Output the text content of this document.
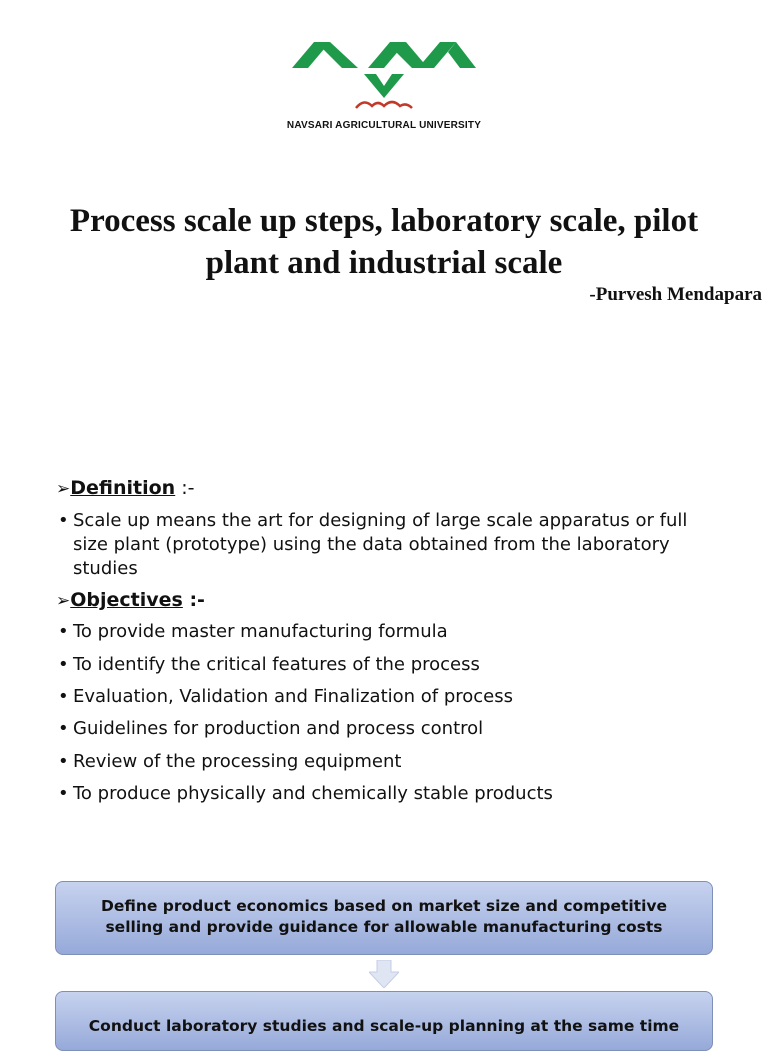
NAVSARI AGRICULTURAL UNIVERSITY
Process scale up steps, laboratory scale, pilot
plant and industrial scale
-Purvesh Mendapara
➢Definition :-
• Scale up means the art for designing of large scale apparatus or full size plant (prototype) using the data obtained from the laboratory studies
➢Objectives :-
• To provide master manufacturing formula
• To identify the critical features of the process
• Evaluation, Validation and Finalization of process
• Guidelines for production and process control
• Review of the processing equipment
• To produce physically and chemically stable products
Define product economics based on market size and competitive selling and provide guidance for allowable manufacturing costs
Conduct laboratory studies and scale-up planning at the same time
